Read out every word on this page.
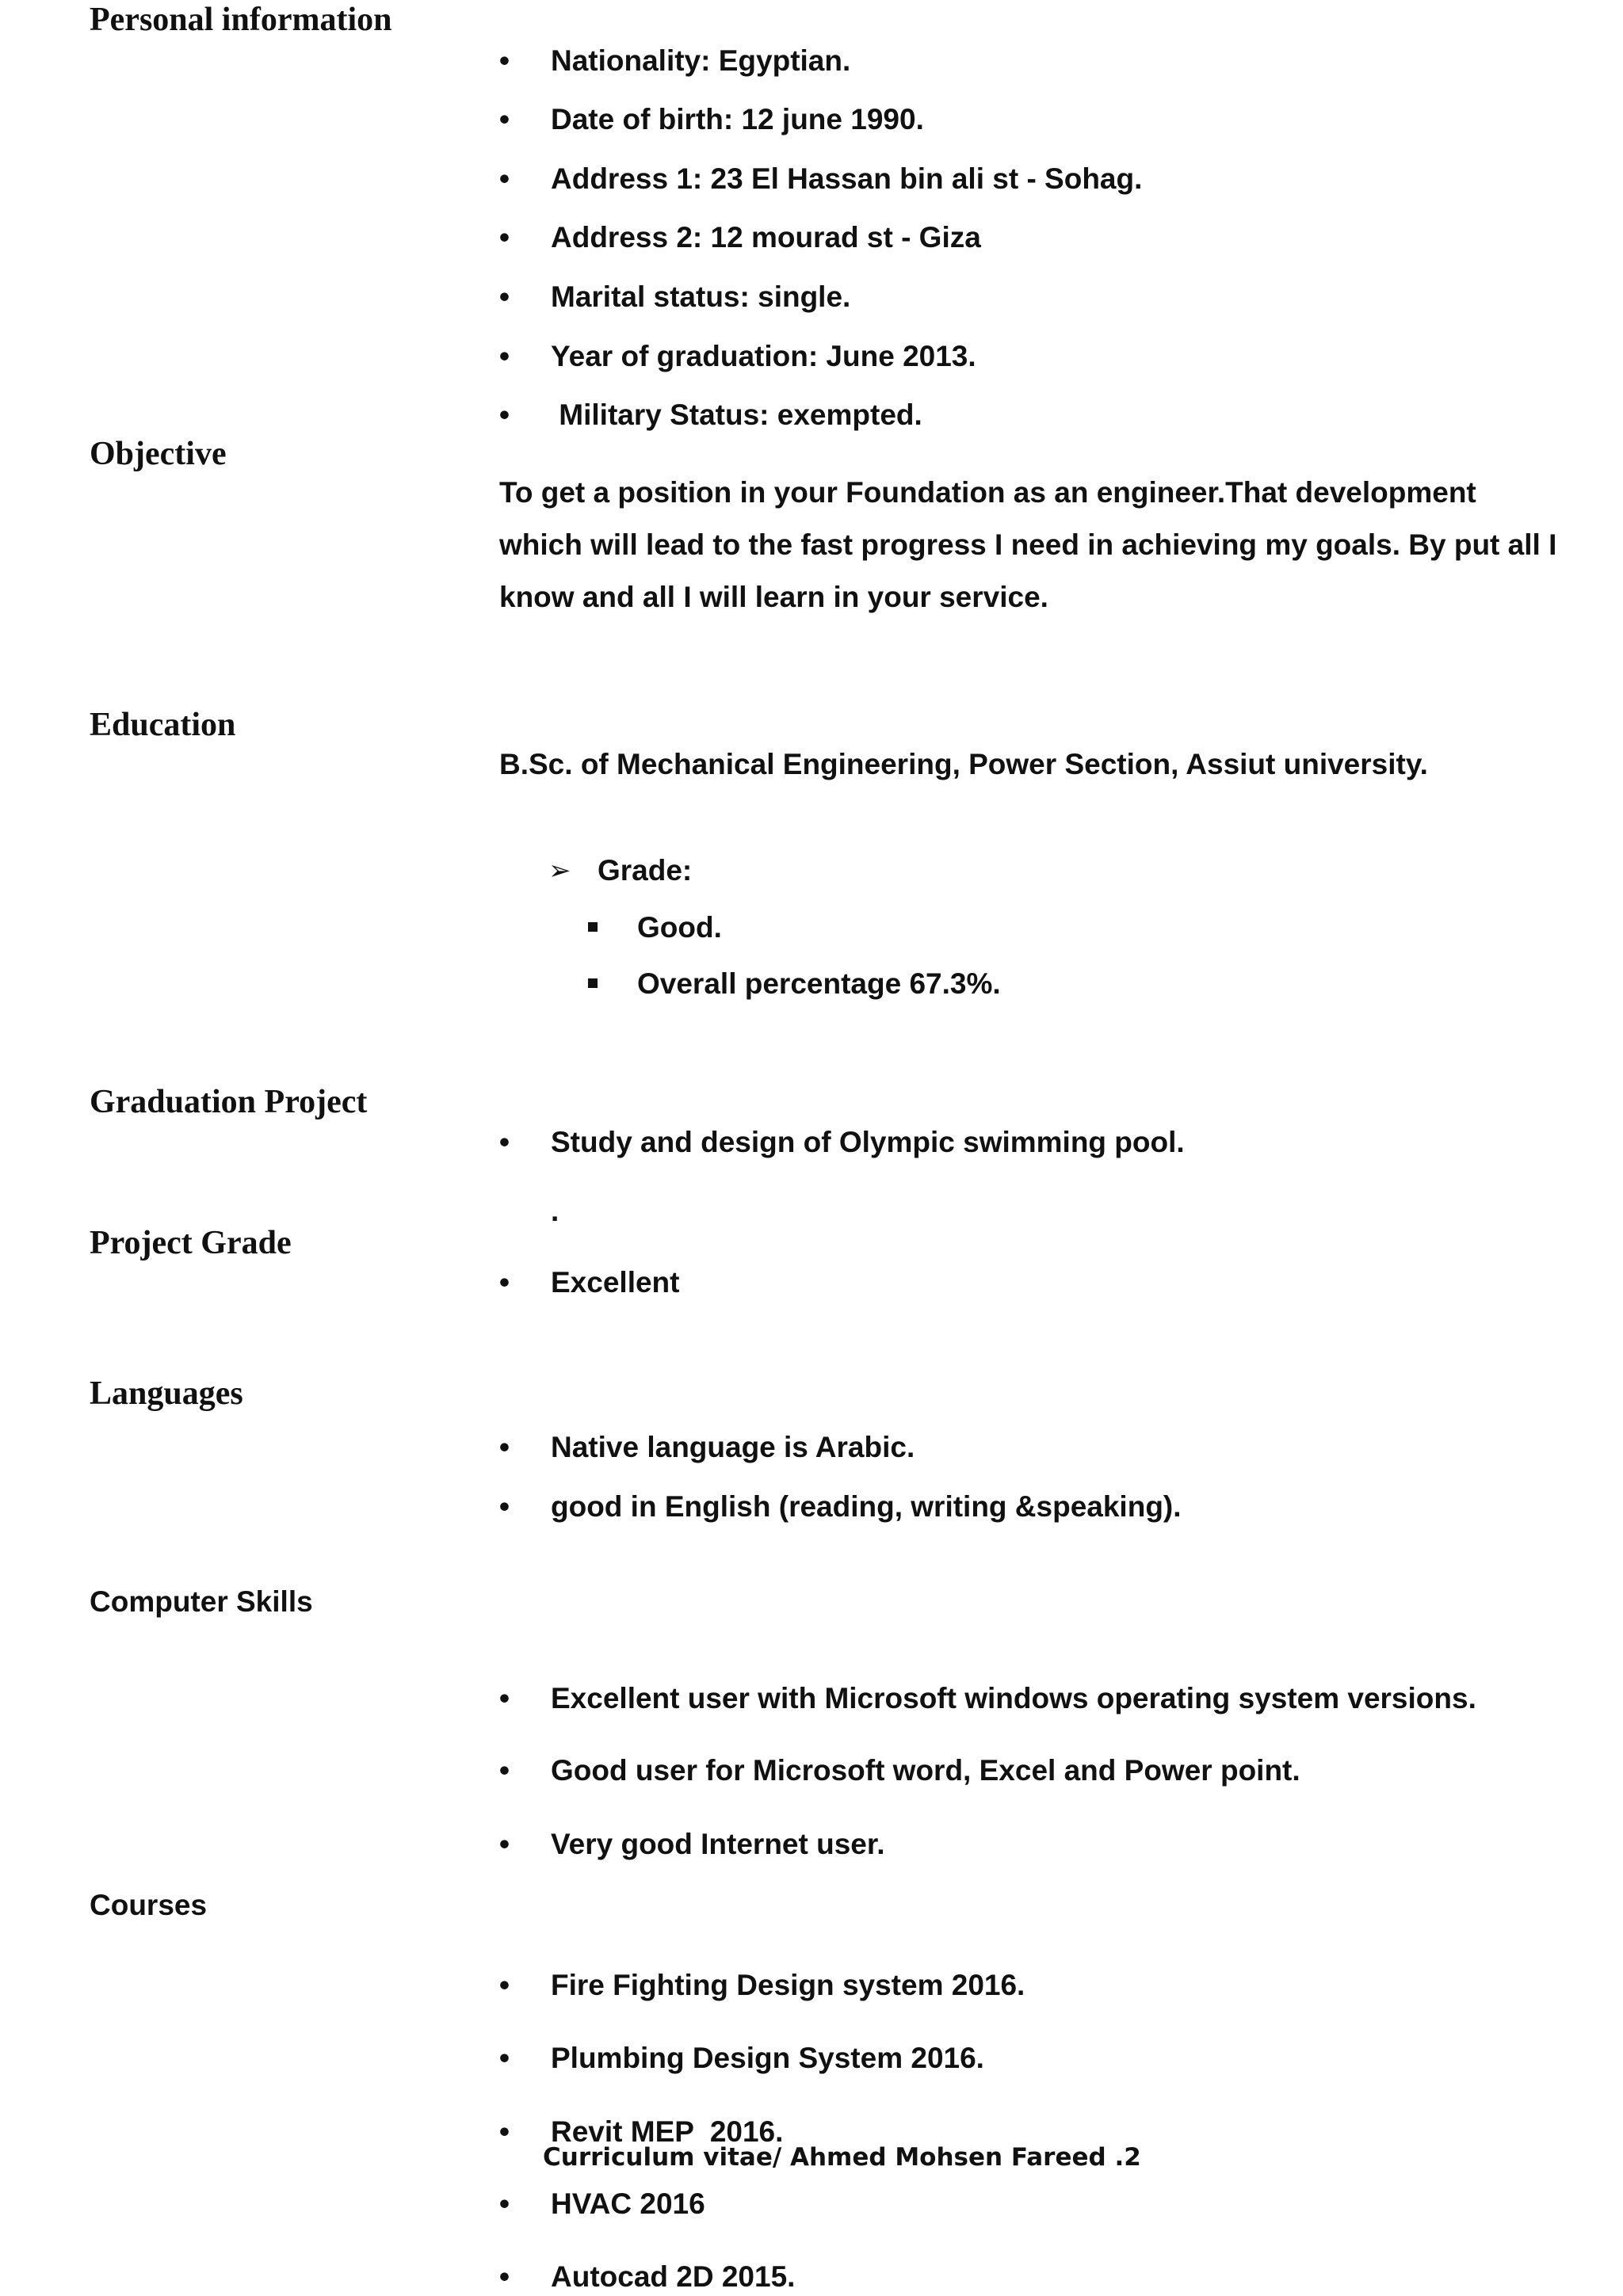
Personal information
• Nationality: Egyptian.
• Date of birth: 12 june 1990.
• Address 1: 23 El Hassan bin ali st - Sohag.
• Address 2: 12 mourad st - Giza
• Marital status: single.
• Year of graduation: June 2013.
• Military Status: exempted.
Objective
To get a position in your Foundation as an engineer.That development
which will lead to the fast progress I need in achieving my goals. By put all I
know and all I will learn in your service.
Education
B.Sc. of Mechanical Engineering, Power Section, Assiut university.
➢ Grade:
Good.
Overall percentage 67.3%.
Graduation Project
• Study and design of Olympic swimming pool.
.
Project Grade
• Excellent
Languages
• Native language is Arabic.
• good in English (reading, writing &speaking).
Computer Skills
• Excellent user with Microsoft windows operating system versions.
• Good user for Microsoft word, Excel and Power point.
• Very good Internet user.
Courses
• Fire Fighting Design system 2016.
• Plumbing Design System 2016.
• Revit MEP  2016.
Curriculum vitae/ Ahmed Mohsen Fareed .2
• HVAC 2016
• Autocad 2D 2015.
